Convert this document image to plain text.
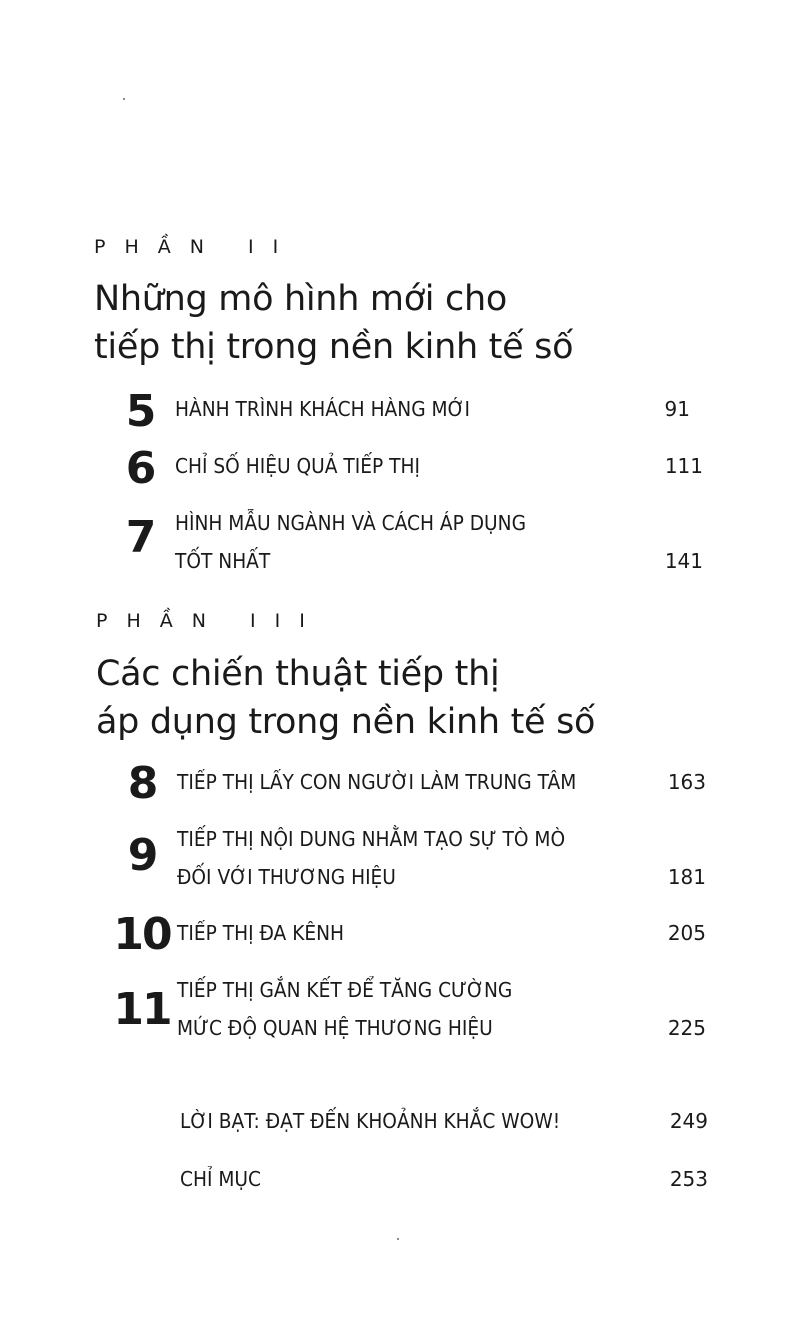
PHẦN II
Những mô hình mới cho
tiếp thị trong nền kinh tế số
5	HÀNH TRÌNH KHÁCH HÀNG MỚI	91
6	CHỈ SỐ HIỆU QUẢ TIẾP THỊ	111
7	HÌNH MẪU NGÀNH VÀ CÁCH ÁP DỤNG
TỐT NHẤT	141
PHẦN III
Các chiến thuật tiếp thị
áp dụng trong nền kinh tế số
8	TIẾP THỊ LẤY CON NGƯỜI LÀM TRUNG TÂM	163
9	TIẾP THỊ NỘI DUNG NHẰM TẠO SỰ TÒ MÒ
ĐỐI VỚI THƯƠNG HIỆU	181
10 TIẾP THỊ ĐA KÊNH	205
11 TIẾP THỊ GẮN KẾT ĐỂ TĂNG CƯỜNG
MỨC ĐỘ QUAN HỆ THƯƠNG HIỆU	225
LỜI BẠT: ĐẠT ĐẾN KHOẢNH KHẮC WOW!	249
CHỈ MỤC	253
